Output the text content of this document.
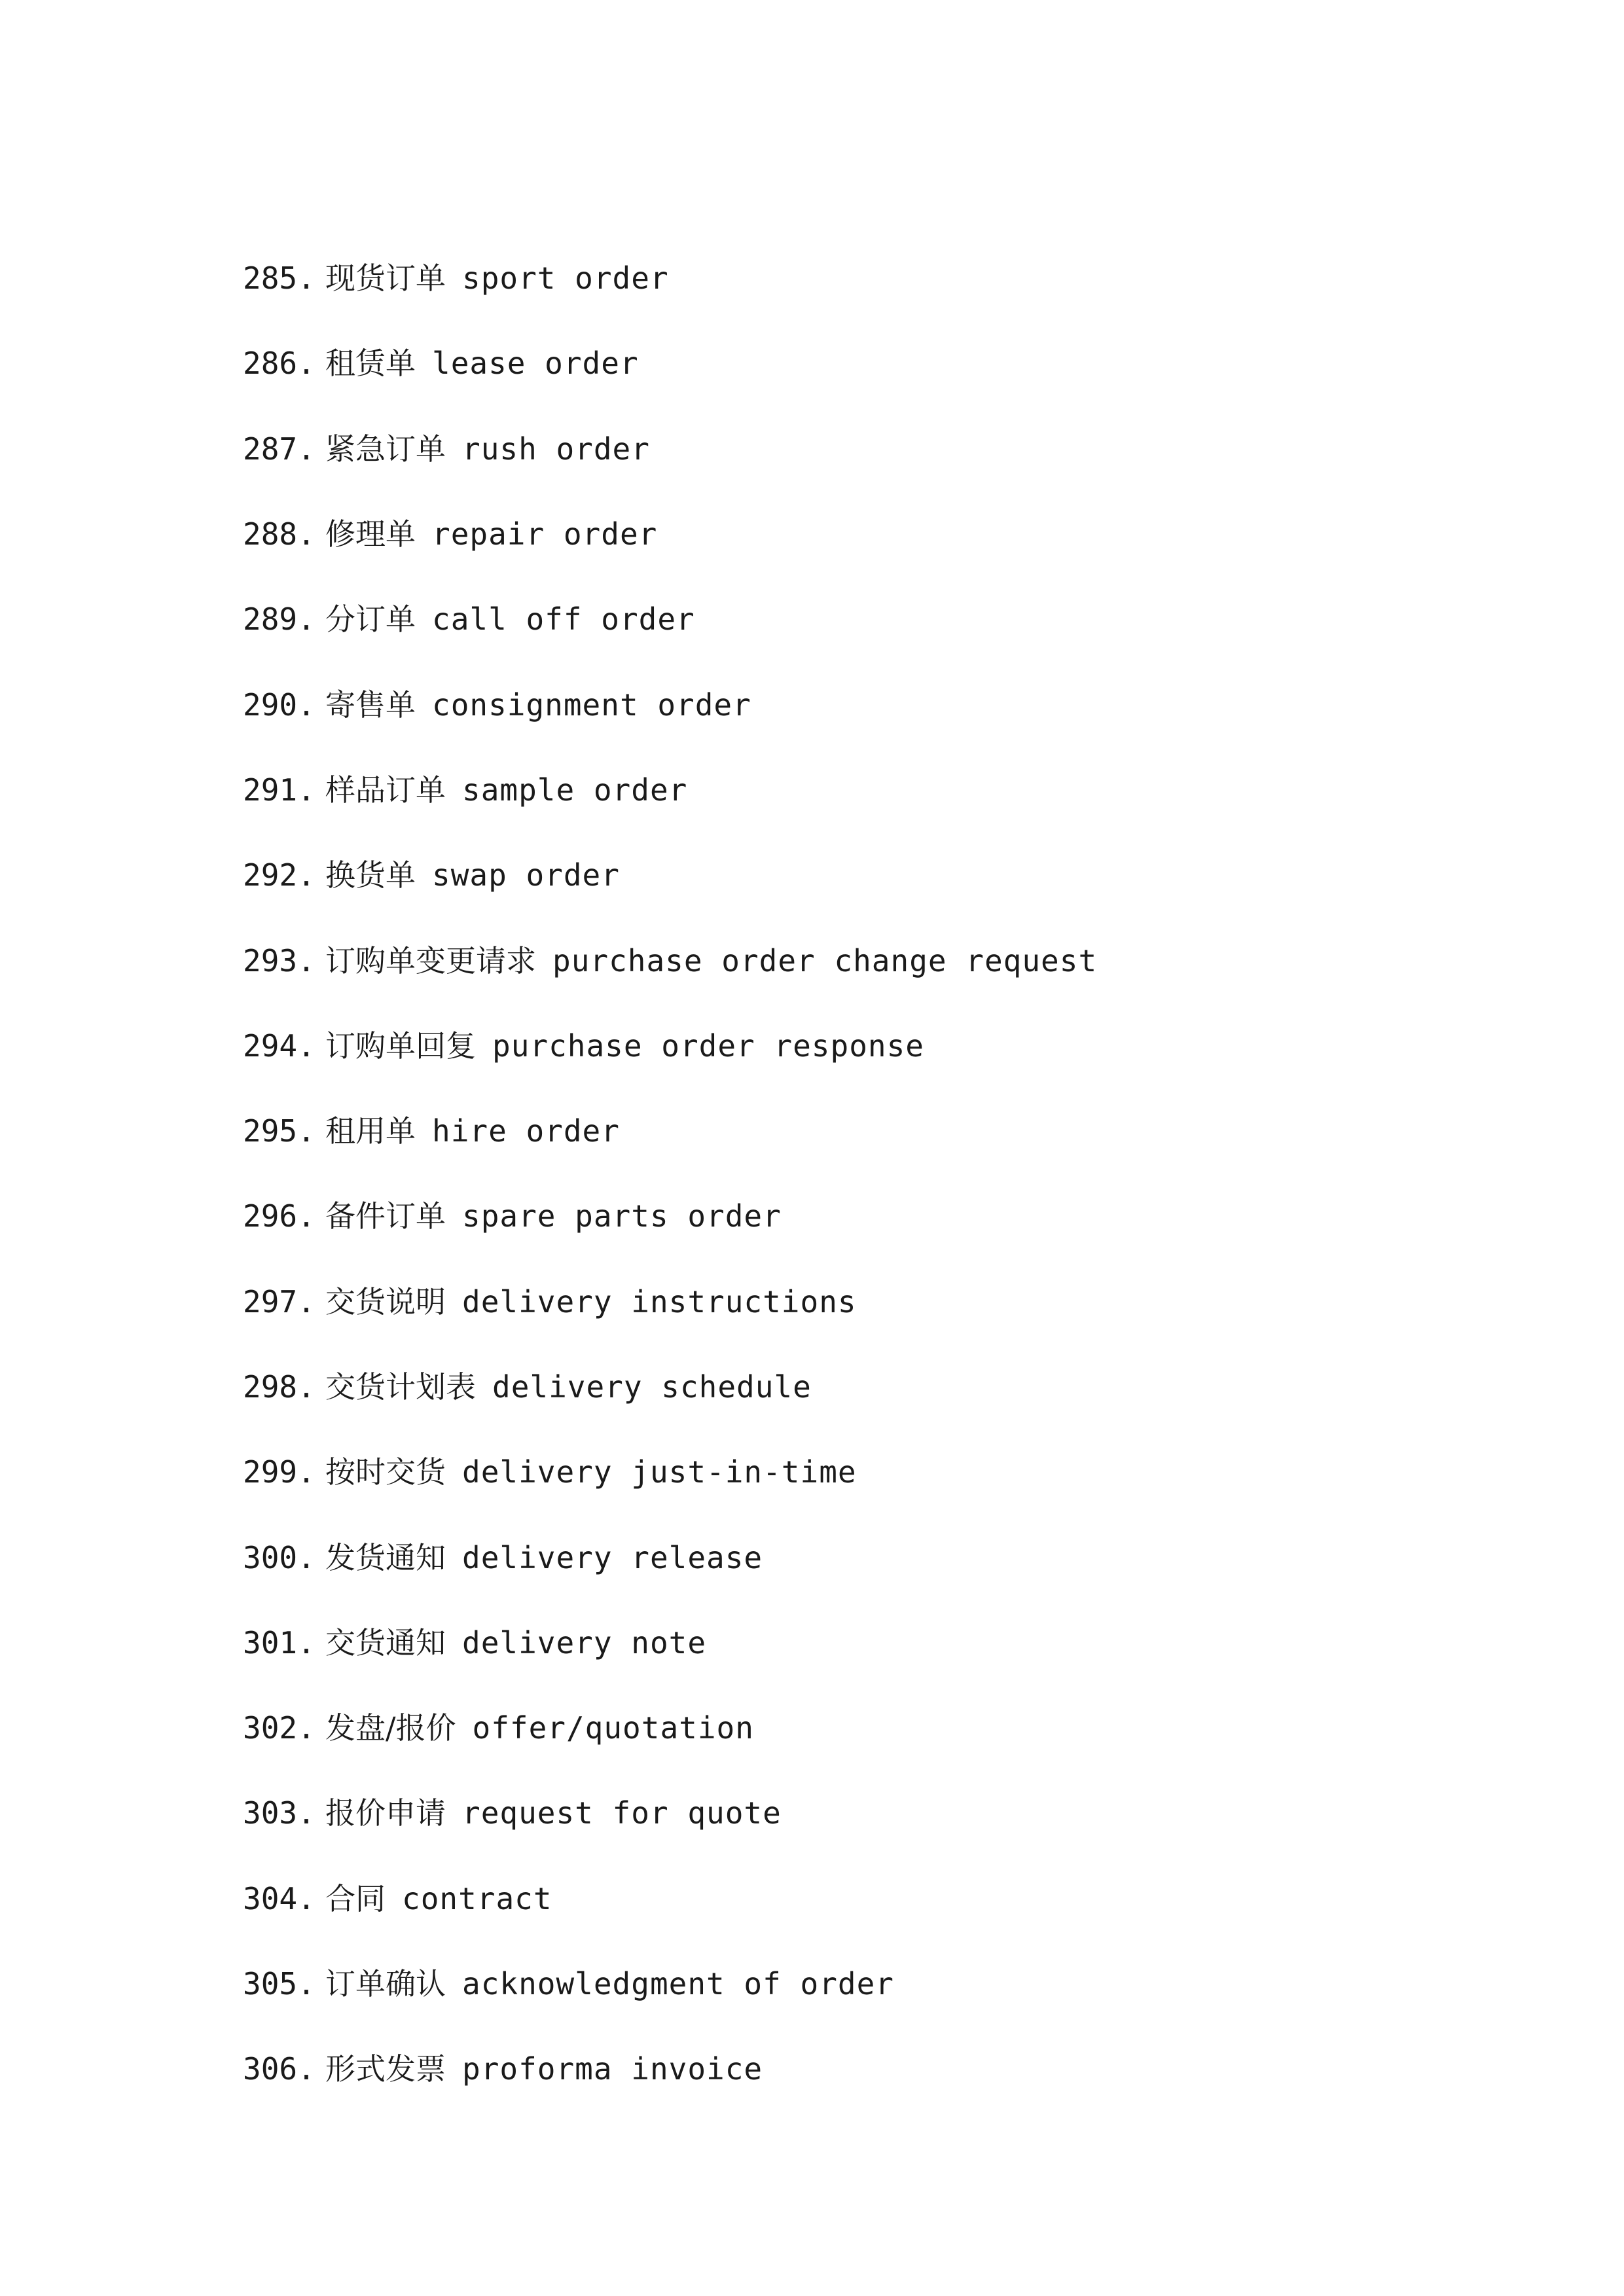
285. 现货订单 sport order
286. 租赁单 lease order
287. 紧急订单 rush order
288. 修理单 repair order
289. 分订单 call off order
290. 寄售单 consignment order
291. 样品订单 sample order
292. 换货单 swap order
293. 订购单变更请求 purchase order change request
294. 订购单回复 purchase order response
295. 租用单 hire order
296. 备件订单 spare parts order
297. 交货说明 delivery instructions
298. 交货计划表 delivery schedule
299. 按时交货 delivery just-in-time
300. 发货通知 delivery release
301. 交货通知 delivery note
302. 发盘/报价 offer/quotation
303. 报价申请 request for quote
304. 合同 contract
305. 订单确认 acknowledgment of order
306. 形式发票 proforma invoice
